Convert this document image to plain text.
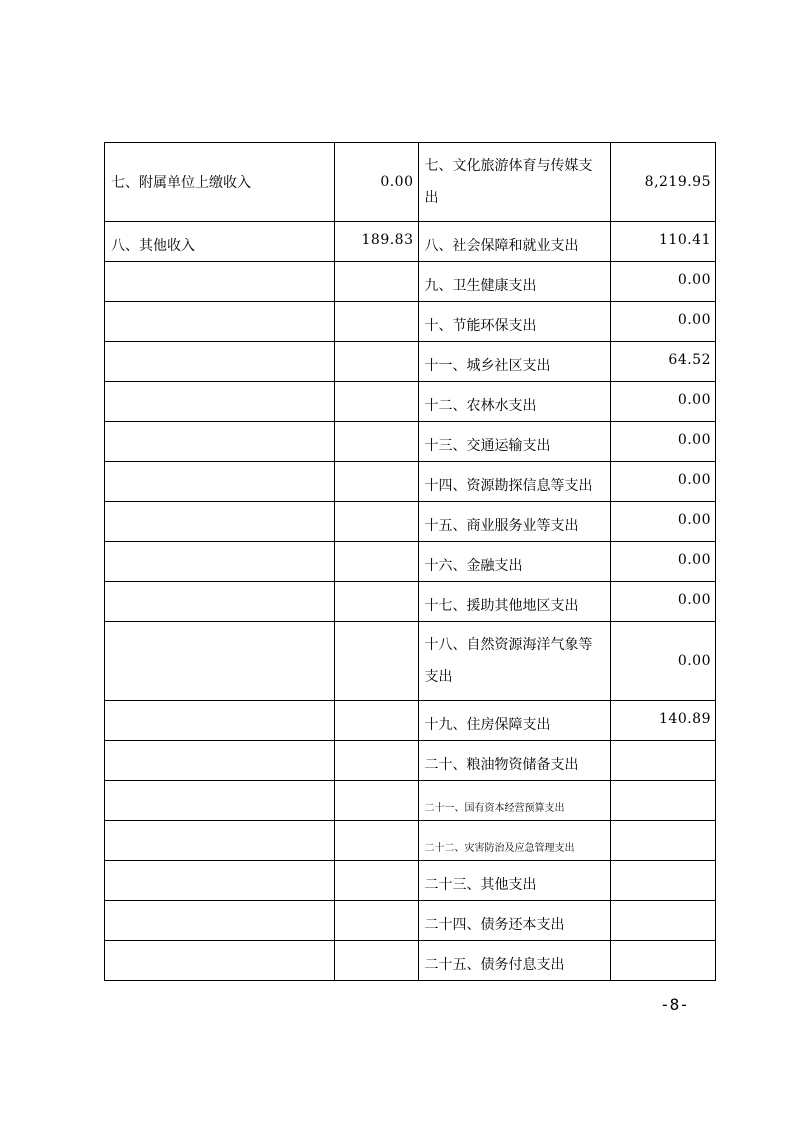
七、附属单位上缴收入	0.00	七、文化旅游体育与传媒支出	8,219.95
八、其他收入	189.83	八、社会保障和就业支出	110.41
		九、卫生健康支出	0.00
		十、节能环保支出	0.00
		十一、城乡社区支出	64.52
		十二、农林水支出	0.00
		十三、交通运输支出	0.00
		十四、资源勘探信息等支出	0.00
		十五、商业服务业等支出	0.00
		十六、金融支出	0.00
		十七、援助其他地区支出	0.00
		十八、自然资源海洋气象等支出	0.00
		十九、住房保障支出	140.89
		二十、粮油物资储备支出	
		二十一、国有资本经营预算支出	
		二十二、灾害防治及应急管理支出	
		二十三、其他支出	
		二十四、债务还本支出	
		二十五、债务付息支出	
-8-
